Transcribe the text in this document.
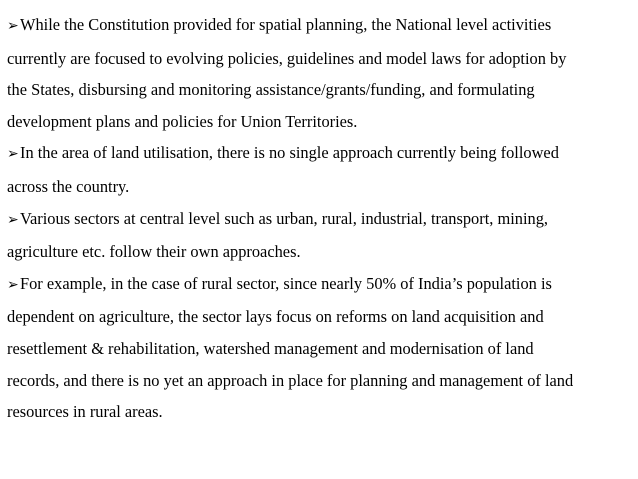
➢While the Constitution provided for spatial planning, the National level activities
currently are focused to evolving policies, guidelines and model laws for adoption by
the States, disbursing and monitoring assistance/grants/funding, and formulating
development plans and policies for Union Territories.
➢In the area of land utilisation, there is no single approach currently being followed
across the country.
➢Various sectors at central level such as urban, rural, industrial, transport, mining,
agriculture etc. follow their own approaches.
➢For example, in the case of rural sector, since nearly 50% of India’s population is
dependent on agriculture, the sector lays focus on reforms on land acquisition and
resettlement & rehabilitation, watershed management and modernisation of land
records, and there is no yet an approach in place for planning and management of land
resources in rural areas.
